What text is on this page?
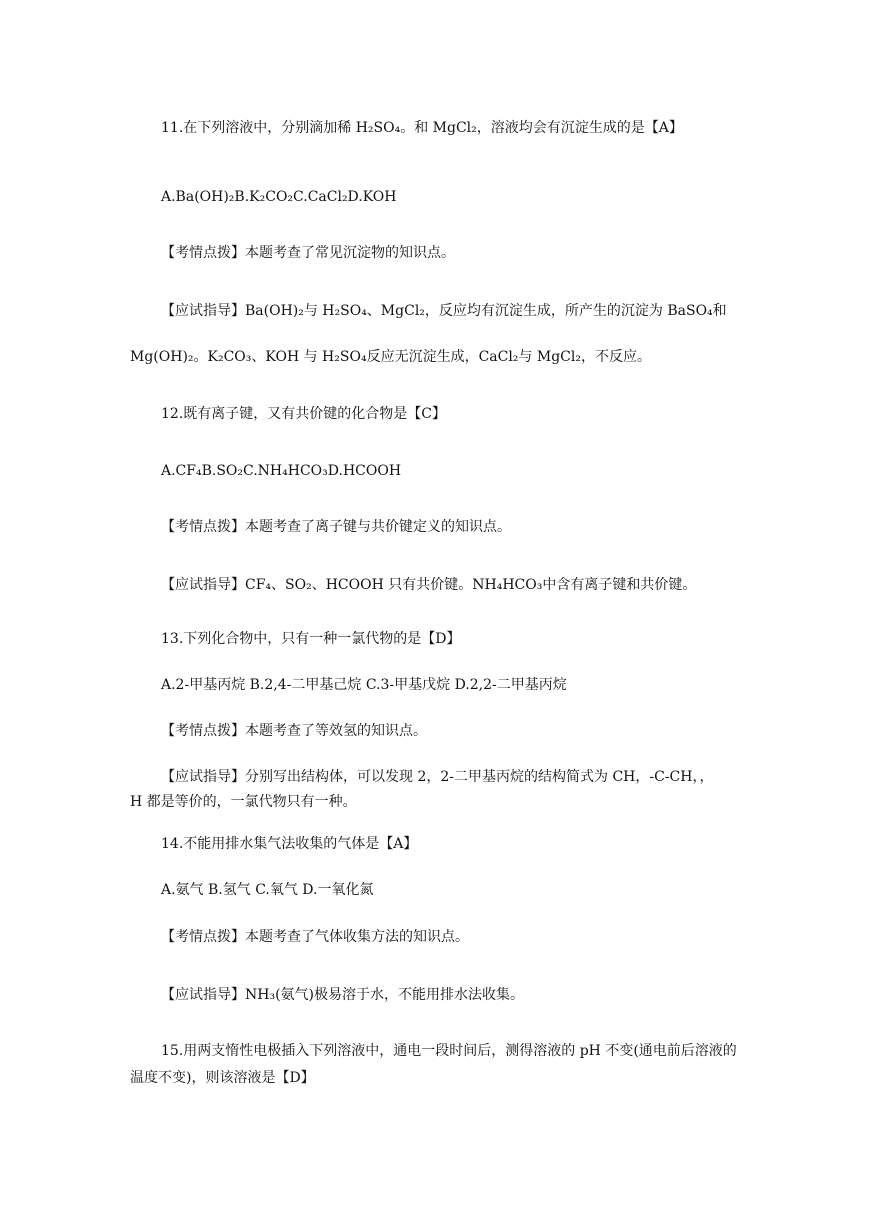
11.在下列溶液中，分别滴加稀 H₂SO₄。和 MgCl₂，溶液均会有沉淀生成的是【A】
A.Ba(OH)₂B.K₂CO₂C.CaCl₂D.KOH
【考情点拨】本题考查了常见沉淀物的知识点。
【应试指导】Ba(OH)₂与 H₂SO₄、MgCl₂，反应均有沉淀生成，所产生的沉淀为 BaSO₄和
Mg(OH)₂。K₂CO₃、KOH 与 H₂SO₄反应无沉淀生成，CaCl₂与 MgCl₂，不反应。
12.既有离子键，又有共价键的化合物是【C】
A.CF₄B.SO₂C.NH₄HCO₃D.HCOOH
【考情点拨】本题考查了离子键与共价键定义的知识点。
【应试指导】CF₄、SO₂、HCOOH 只有共价键。NH₄HCO₃中含有离子键和共价键。
13.下列化合物中，只有一种一氯代物的是【D】
A.2-甲基丙烷 B.2,4-二甲基己烷 C.3-甲基戊烷 D.2,2-二甲基丙烷
【考情点拨】本题考查了等效氢的知识点。
【应试指导】分别写出结构体，可以发现 2，2-二甲基丙烷的结构简式为 CH，-C-CH，，
H 都是等价的，一氯代物只有一种。
14.不能用排水集气法收集的气体是【A】
A.氨气 B.氢气 C.氧气 D.一氧化氮
【考情点拨】本题考查了气体收集方法的知识点。
【应试指导】NH₃(氨气)极易溶于水，不能用排水法收集。
15.用两支惰性电极插入下列溶液中，通电一段时间后，测得溶液的 pH 不变(通电前后溶液的温度不变)，则该溶液是【D】
